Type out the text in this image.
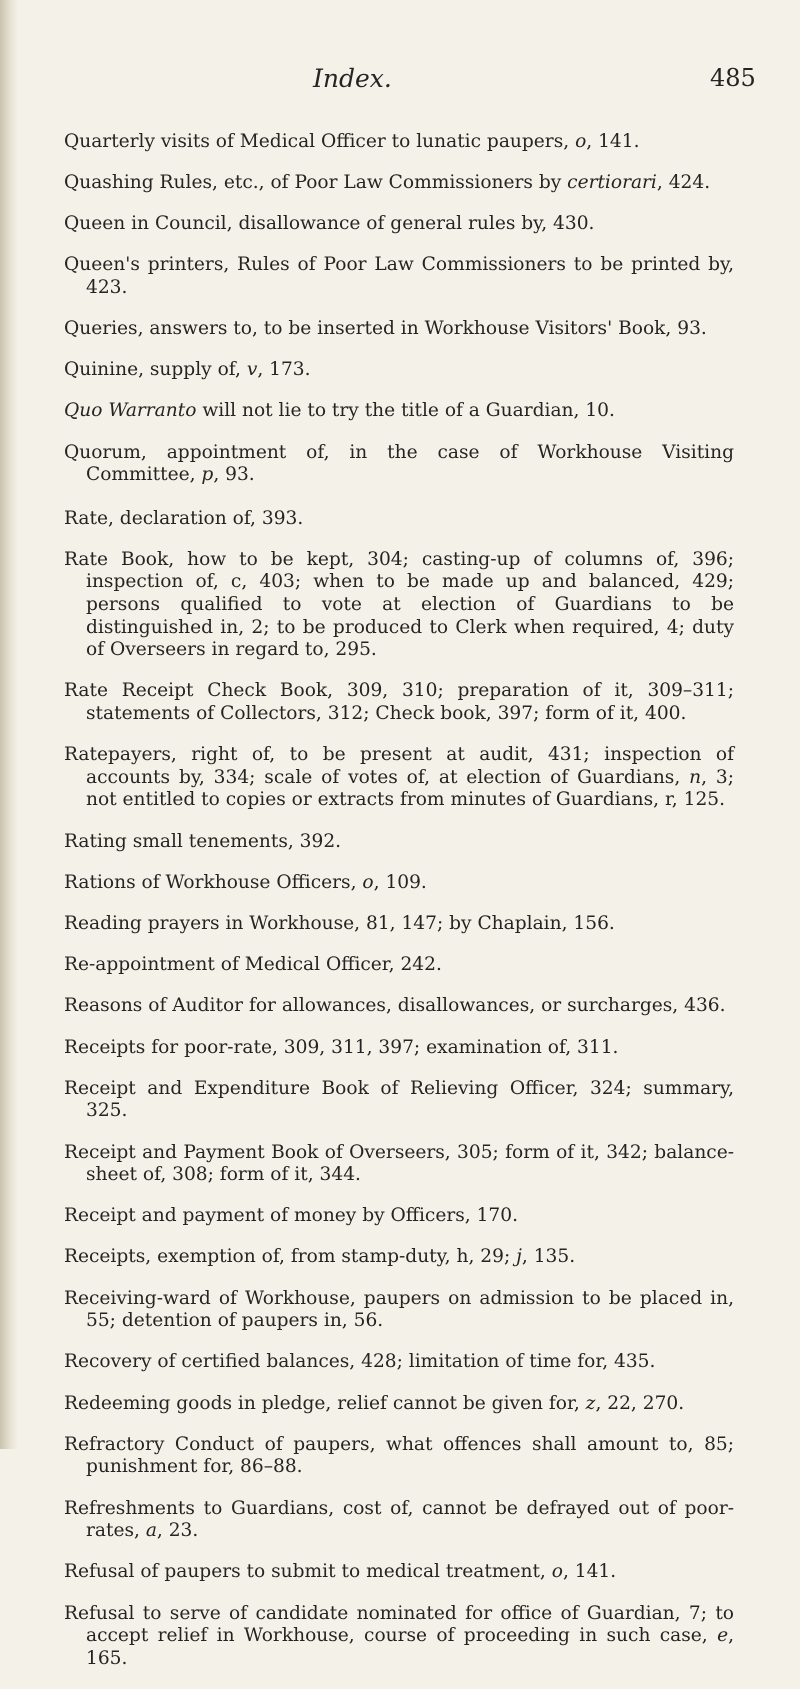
Index.	485

Quarterly visits of Medical Officer to lunatic paupers, o, 141.

Quashing Rules, etc., of Poor Law Commissioners by certiorari, 424.

Queen in Council, disallowance of general rules by, 430.

Queen's printers, Rules of Poor Law Commissioners to be printed by, 423.

Queries, answers to, to be inserted in Workhouse Visitors' Book, 93.

Quinine, supply of, v, 173.

Quo Warranto will not lie to try the title of a Guardian, 10.

Quorum, appointment of, in the case of Workhouse Visiting Committee, p, 93.

Rate, declaration of, 393.

Rate Book, how to be kept, 304; casting-up of columns of, 396; inspection of, c, 403; when to be made up and balanced, 429; persons qualified to vote at election of Guardians to be distinguished in, 2; to be produced to Clerk when required, 4; duty of Overseers in regard to, 295.

Rate Receipt Check Book, 309, 310; preparation of it, 309–311; statements of Collectors, 312; Check book, 397; form of it, 400.

Ratepayers, right of, to be present at audit, 431; inspection of accounts by, 334; scale of votes of, at election of Guardians, n, 3; not entitled to copies or extracts from minutes of Guardians, r, 125.

Rating small tenements, 392.

Rations of Workhouse Officers, o, 109.

Reading prayers in Workhouse, 81, 147; by Chaplain, 156.

Re-appointment of Medical Officer, 242.

Reasons of Auditor for allowances, disallowances, or surcharges, 436.

Receipts for poor-rate, 309, 311, 397; examination of, 311.

Receipt and Expenditure Book of Relieving Officer, 324; summary, 325.

Receipt and Payment Book of Overseers, 305; form of it, 342; balance-sheet of, 308; form of it, 344.

Receipt and payment of money by Officers, 170.

Receipts, exemption of, from stamp-duty, h, 29; j, 135.

Receiving-ward of Workhouse, paupers on admission to be placed in, 55; detention of paupers in, 56.

Recovery of certified balances, 428; limitation of time for, 435.

Redeeming goods in pledge, relief cannot be given for, z, 22, 270.

Refractory Conduct of paupers, what offences shall amount to, 85; punishment for, 86–88.

Refreshments to Guardians, cost of, cannot be defrayed out of poor-rates, a, 23.

Refusal of paupers to submit to medical treatment, o, 141.

Refusal to serve of candidate nominated for office of Guardian, 7; to accept relief in Workhouse, course of proceeding in such case, e, 165.
